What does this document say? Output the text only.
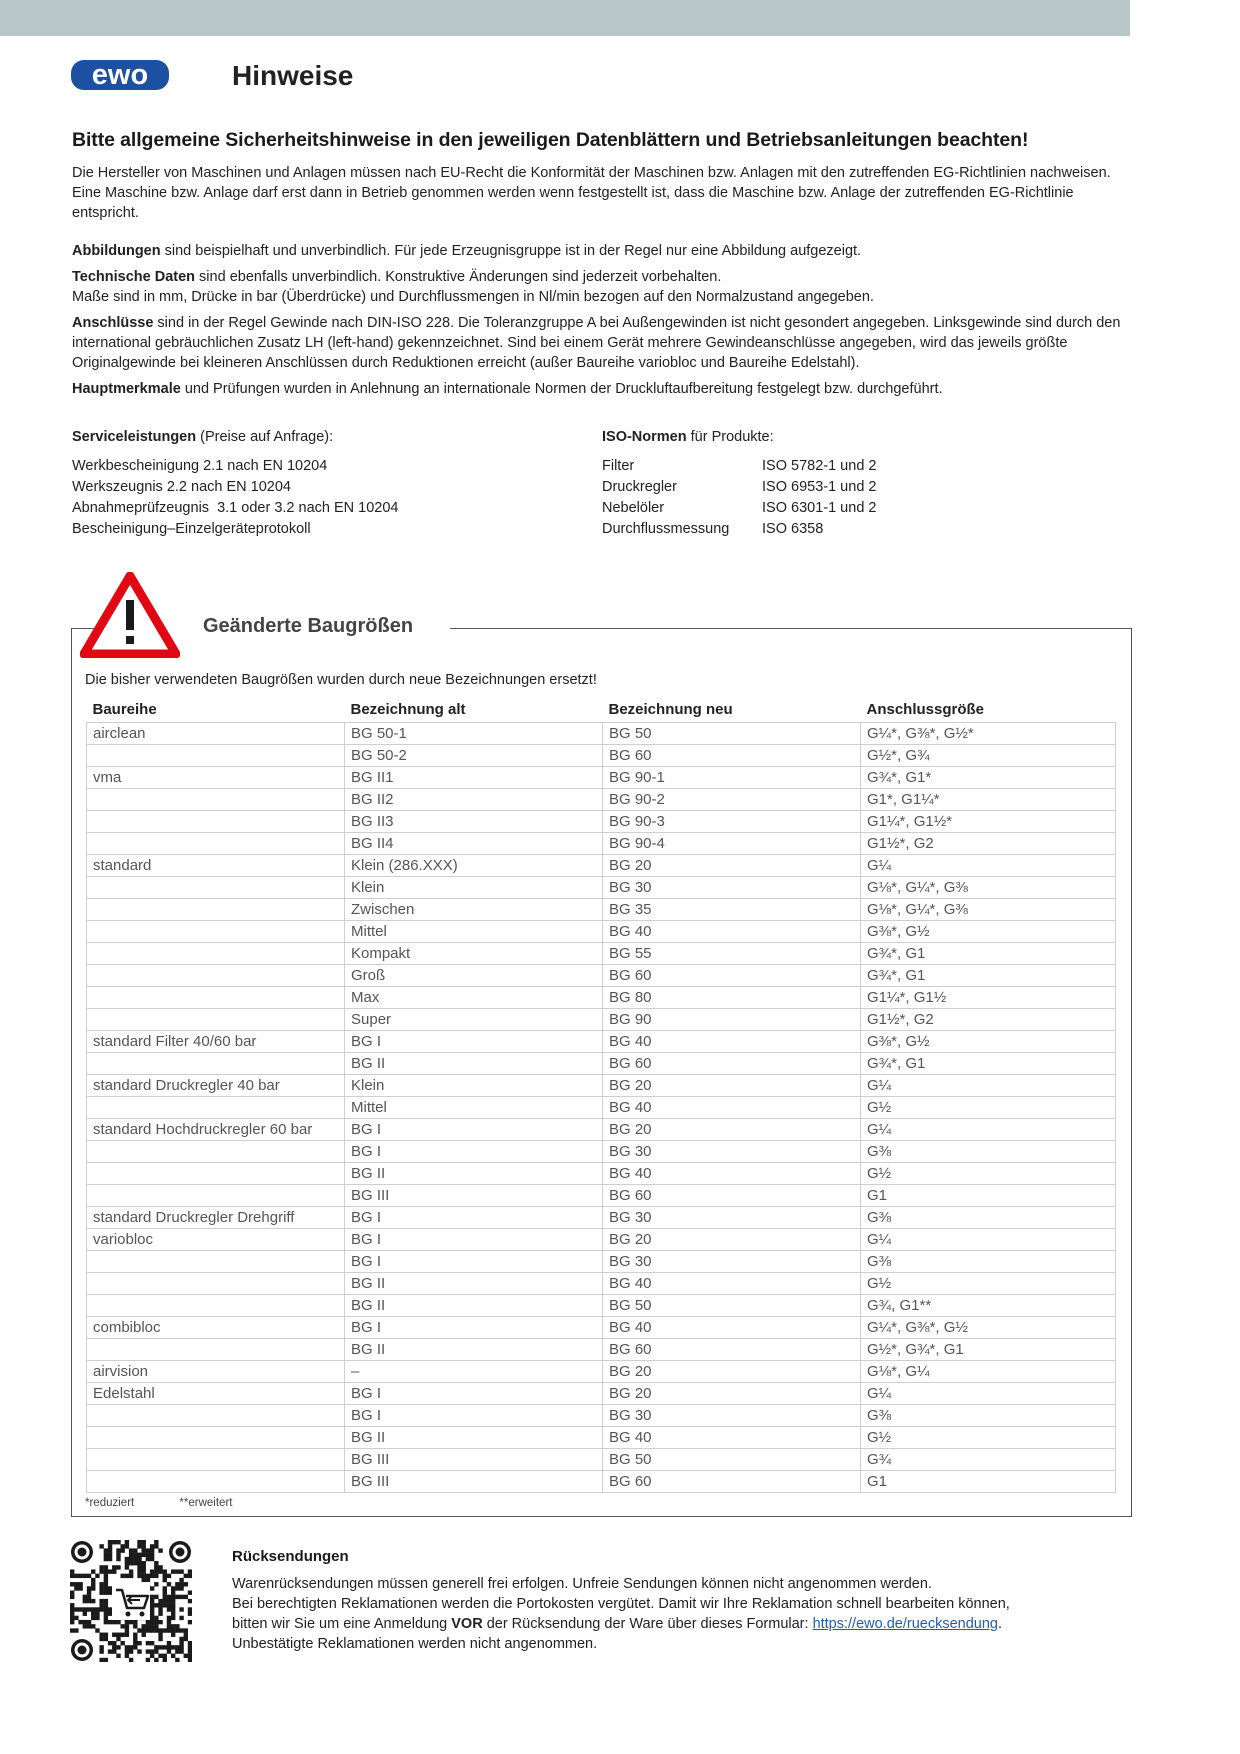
ewo	Hinweise
Bitte allgemeine Sicherheitshinweise in den jeweiligen Datenblättern und Betriebsanleitungen beachten!
Die Hersteller von Maschinen und Anlagen müssen nach EU-Recht die Konformität der Maschinen bzw. Anlagen mit den zutreffenden EG-Richtlinien nachweisen. Eine Maschine bzw. Anlage darf erst dann in Betrieb genommen werden wenn festgestellt ist, dass die Maschine bzw. Anlage der zutreffenden EG-Richtlinie entspricht.
Abbildungen sind beispielhaft und unverbindlich. Für jede Erzeugnisgruppe ist in der Regel nur eine Abbildung aufgezeigt.
Technische Daten sind ebenfalls unverbindlich. Konstruktive Änderungen sind jederzeit vorbehalten.
Maße sind in mm, Drücke in bar (Überdrücke) und Durchflussmengen in Nl/min bezogen auf den Normalzustand angegeben.
Anschlüsse sind in der Regel Gewinde nach DIN-ISO 228. Die Toleranzgruppe A bei Außengewinden ist nicht gesondert angegeben. Linksgewinde sind durch den international gebräuchlichen Zusatz LH (left-hand) gekennzeichnet. Sind bei einem Gerät mehrere Gewindeanschlüsse angegeben, wird das jeweils größte Originalgewinde bei kleineren Anschlüssen durch Reduktionen erreicht (außer Baureihe variobloc und Baureihe Edelstahl).
Hauptmerkmale und Prüfungen wurden in Anlehnung an internationale Normen der Druckluftaufbereitung festgelegt bzw. durchgeführt.
Serviceleistungen (Preise auf Anfrage):
Werkbescheinigung 2.1 nach EN 10204
Werkszeugnis 2.2 nach EN 10204
Abnahmeprüfzeugnis  3.1 oder 3.2 nach EN 10204
Bescheinigung–Einzelgeräteprotokoll
ISO-Normen für Produkte:
Filter	ISO 5782-1 und 2
Druckregler	ISO 6953-1 und 2
Nebelöler	ISO 6301-1 und 2
Durchflussmessung	ISO 6358
Geänderte Baugrößen
Die bisher verwendeten Baugrößen wurden durch neue Bezeichnungen ersetzt!
Baureihe	Bezeichnung alt	Bezeichnung neu	Anschlussgröße
airclean	BG 50-1	BG 50	G¼*, G⅜*, G½*
	BG 50-2	BG 60	G½*, G¾
vma	BG II1	BG 90-1	G¾*, G1*
	BG II2	BG 90-2	G1*, G1¼*
	BG II3	BG 90-3	G1¼*, G1½*
	BG II4	BG 90-4	G1½*, G2
standard	Klein (286.XXX)	BG 20	G¼
	Klein	BG 30	G⅛*, G¼*, G⅜
	Zwischen	BG 35	G⅛*, G¼*, G⅜
	Mittel	BG 40	G⅜*, G½
	Kompakt	BG 55	G¾*, G1
	Groß	BG 60	G¾*, G1
	Max	BG 80	G1¼*, G1½
	Super	BG 90	G1½*, G2
standard Filter 40/60 bar	BG I	BG 40	G⅜*, G½
	BG II	BG 60	G¾*, G1
standard Druckregler 40 bar	Klein	BG 20	G¼
	Mittel	BG 40	G½
standard Hochdruckregler 60 bar	BG I	BG 20	G¼
	BG I	BG 30	G⅜
	BG II	BG 40	G½
	BG III	BG 60	G1
standard Druckregler Drehgriff	BG I	BG 30	G⅜
variobloc	BG I	BG 20	G¼
	BG I	BG 30	G⅜
	BG II	BG 40	G½
	BG II	BG 50	G¾, G1**
combibloc	BG I	BG 40	G¼*, G⅜*, G½
	BG II	BG 60	G½*, G¾*, G1
airvision	–	BG 20	G⅛*, G¼
Edelstahl	BG I	BG 20	G¼
	BG I	BG 30	G⅜
	BG II	BG 40	G½
	BG III	BG 50	G¾
	BG III	BG 60	G1
*reduziert	**erweitert
Rücksendungen
Warenrücksendungen müssen generell frei erfolgen. Unfreie Sendungen können nicht angenommen werden.
Bei berechtigten Reklamationen werden die Portokosten vergütet. Damit wir Ihre Reklamation schnell bearbeiten können,
bitten wir Sie um eine Anmeldung VOR der Rücksendung der Ware über dieses Formular: https://ewo.de/ruecksendung.
Unbestätigte Reklamationen werden nicht angenommen.
